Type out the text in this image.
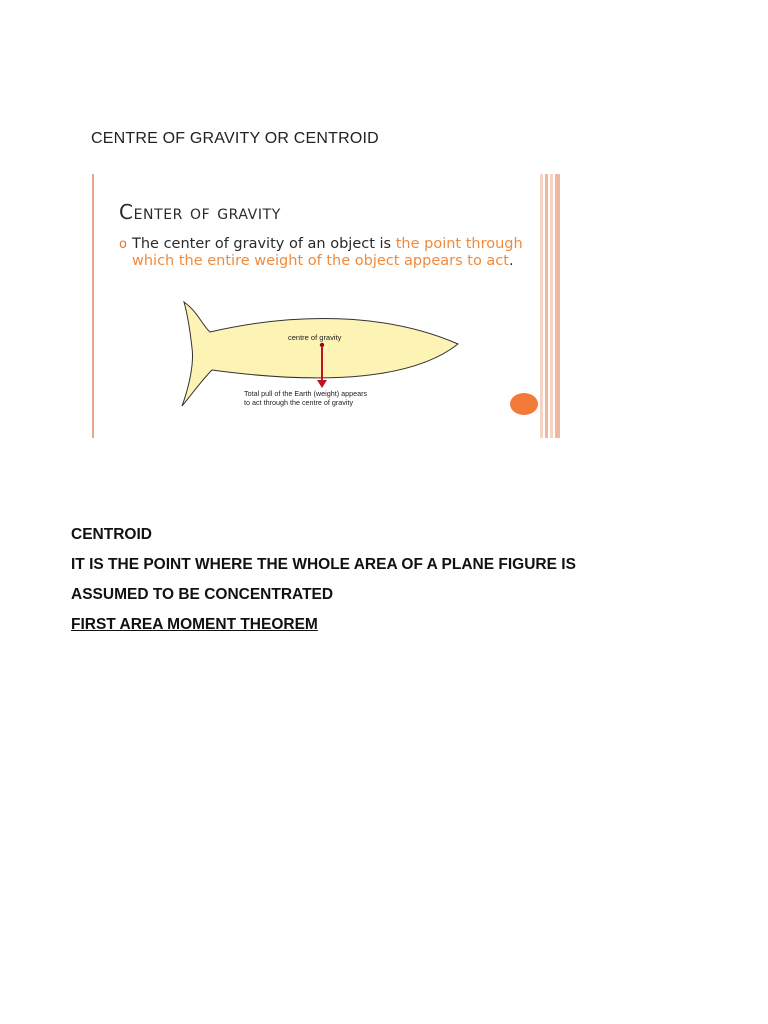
CENTRE OF GRAVITY OR CENTROID
Center of gravity
o The center of gravity of an object is the point through which the entire weight of the object appears to act.
centre of gravity
Total pull of the Earth (weight) appears
to act through the centre of gravity
CENTROID
IT IS THE POINT WHERE THE WHOLE AREA OF A PLANE FIGURE IS
ASSUMED TO BE CONCENTRATED
FIRST AREA MOMENT THEOREM
